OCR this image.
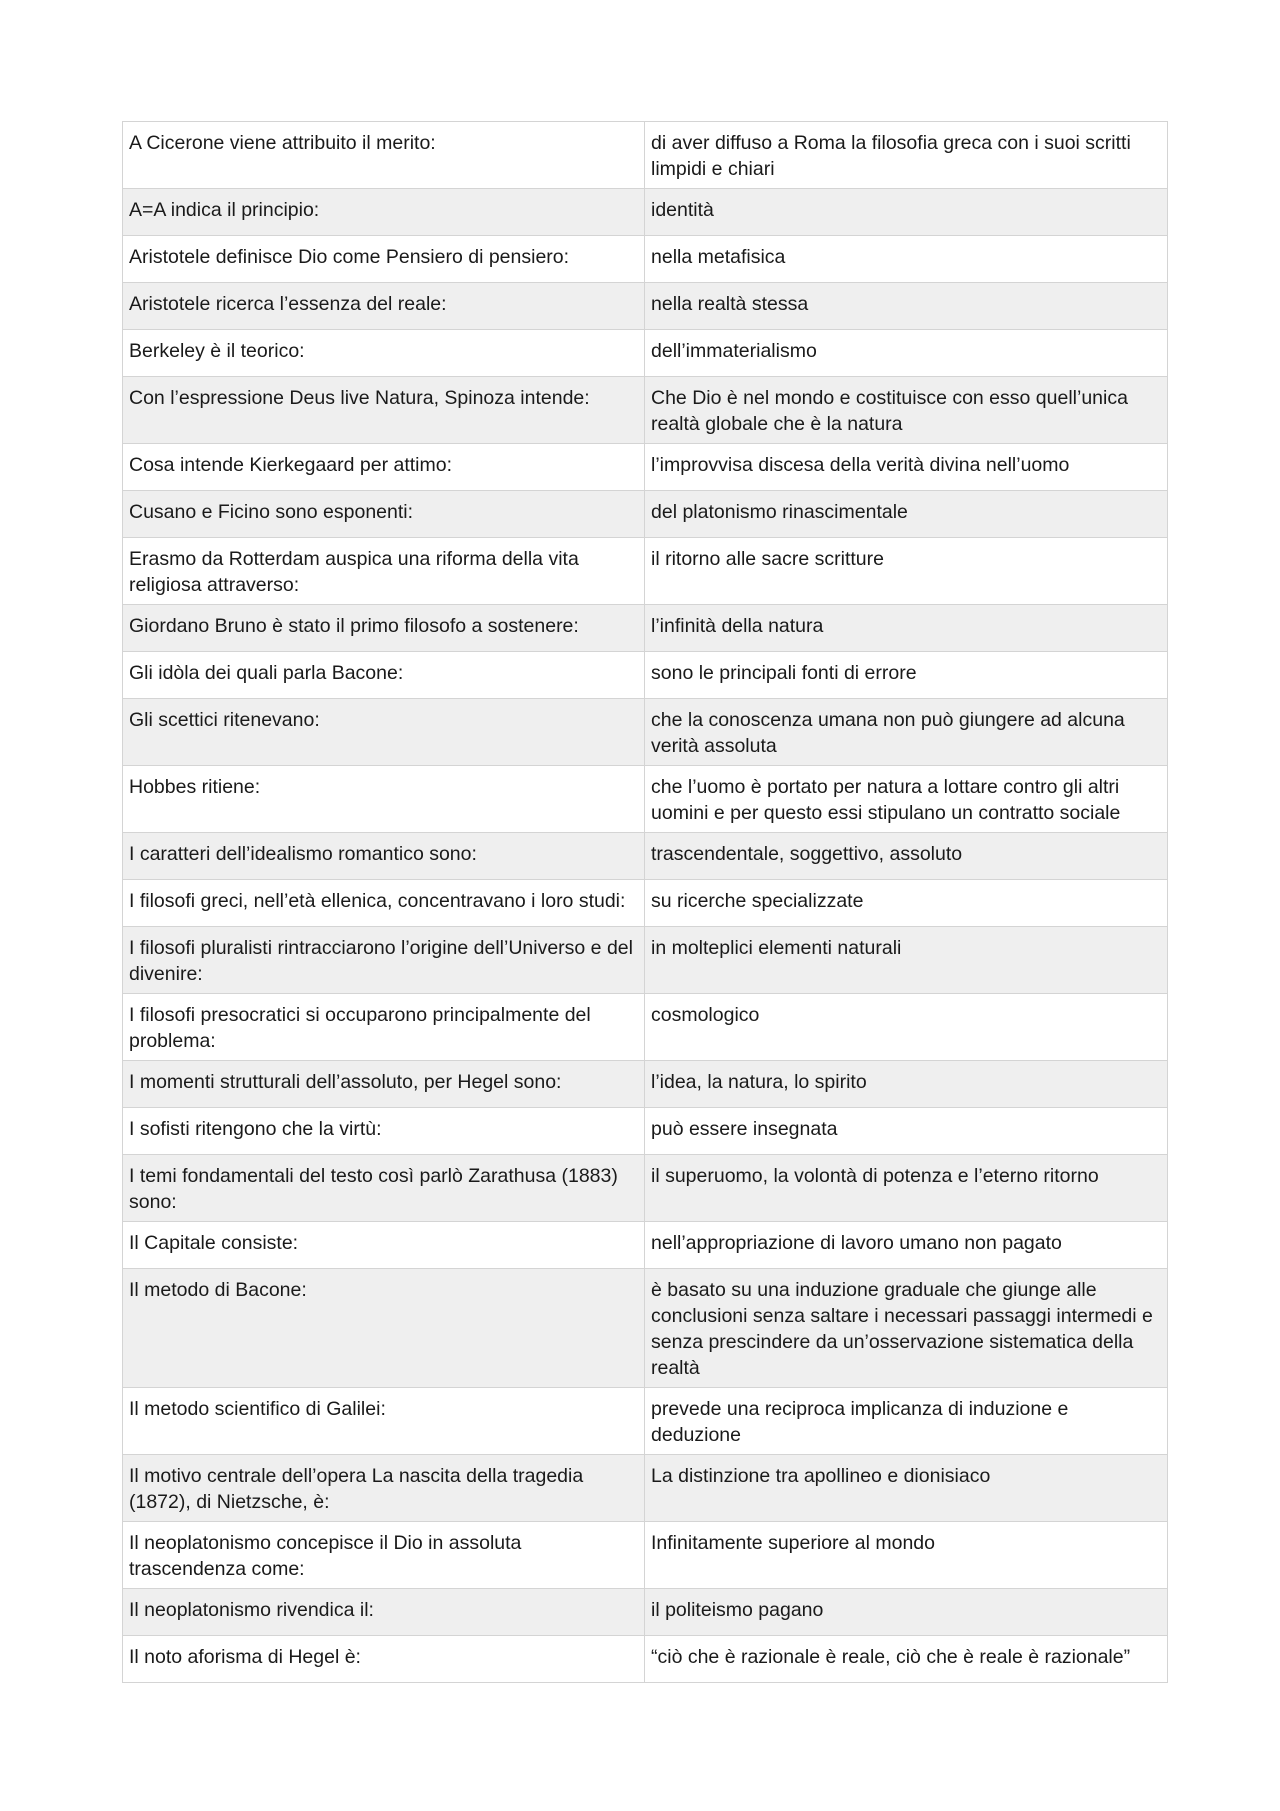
A Cicerone viene attribuito il merito:	di aver diffuso a Roma la filosofia greca con i suoi scritti limpidi e chiari
A=A indica il principio:	identità
Aristotele definisce Dio come Pensiero di pensiero:	nella metafisica
Aristotele ricerca l’essenza del reale:	nella realtà stessa
Berkeley è il teorico:	dell’immaterialismo
Con l’espressione Deus live Natura, Spinoza intende:	Che Dio è nel mondo e costituisce con esso quell’unica realtà globale che è la natura
Cosa intende Kierkegaard per attimo:	l’improvvisa discesa della verità divina nell’uomo
Cusano e Ficino sono esponenti:	del platonismo rinascimentale
Erasmo da Rotterdam auspica una riforma della vita religiosa attraverso:	il ritorno alle sacre scritture
Giordano Bruno è stato il primo filosofo a sostenere:	l’infinità della natura
Gli idòla dei quali parla Bacone:	sono le principali fonti di errore
Gli scettici ritenevano:	che la conoscenza umana non può giungere ad alcuna verità assoluta
Hobbes ritiene:	che l’uomo è portato per natura a lottare contro gli altri uomini e per questo essi stipulano un contratto sociale
I caratteri dell’idealismo romantico sono:	trascendentale, soggettivo, assoluto
I filosofi greci, nell’età ellenica, concentravano i loro studi:	su ricerche specializzate
I filosofi pluralisti rintracciarono l’origine dell’Universo e del divenire:	in molteplici elementi naturali
I filosofi presocratici si occuparono principalmente del problema:	cosmologico
I momenti strutturali dell’assoluto, per Hegel sono:	l’idea, la natura, lo spirito
I sofisti ritengono che la virtù:	può essere insegnata
I temi fondamentali del testo così parlò Zarathusa (1883) sono:	il superuomo, la volontà di potenza e l’eterno ritorno
Il Capitale consiste:	nell’appropriazione di lavoro umano non pagato
Il metodo di Bacone:	è basato su una induzione graduale che giunge alle conclusioni senza saltare i necessari passaggi intermedi e senza prescindere da un’osservazione sistematica della realtà
Il metodo scientifico di Galilei:	prevede una reciproca implicanza di induzione e deduzione
Il motivo centrale dell’opera La nascita della tragedia (1872), di Nietzsche, è:	La distinzione tra apollineo e dionisiaco
Il neoplatonismo concepisce il Dio in assoluta trascendenza come:	Infinitamente superiore al mondo
Il neoplatonismo rivendica il:	il politeismo pagano
Il noto aforisma di Hegel è:	“ciò che è razionale è reale, ciò che è reale è razionale”
